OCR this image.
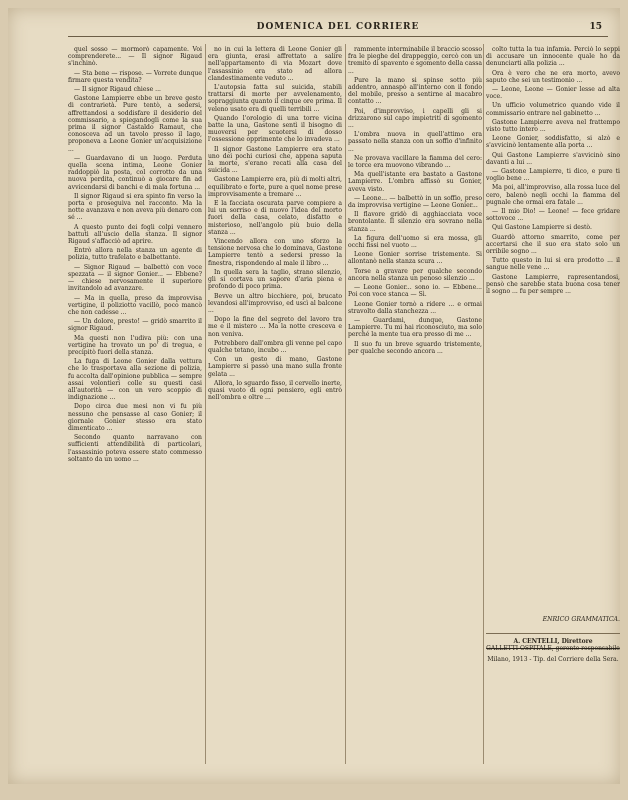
DOMENICA DEL CORRIERE	15

quel sosso — mormorò capamente. Voi comprenderete... — Il signor Rigaud s'inchinò.

— Sta bene — rispose. — Vorrete dunque firmare questa vendita?

— Il signor Rigaud chiese ...

Gastone Lampierre ebbe un breve gesto di contrarietà. Pure tentò, a sedersi, affrettandosi a soddisfare il desiderio del commissario, a spiegandogli come la sua prima il signor Castaldo Ramaut, che conosceva ad un tavolo presso il lago, proponeva a Leone Gonier un'acquisizione ...

— Guardavano di un luogo. Perduta quella scena intima, Leone Gonier raddoppiò la posta, col corrotto da una nuova perdita, continuò a giocare fin ad avvicendarsi di banchi e di mala fortuna ...

Il signor Rigaud si era spinto fin verso la porta e proseguiva nel racconto. Ma la notte avanzava e non aveva più denaro con sé ...

A questo punto dei fogli colpi vennero battuti all'uscio della stanza. Il signor Rigaud s'affacciò ad aprire.

Entrò allora nella stanza un agente di polizia, tutto trafelato e balbettante.

— Signor Rigaud — balbettò con voce spezzata — il signor Gonier... — Ebbene? — chiese nervosamente il superiore invitandolo ad avanzare.

— Ma in quella, preso da improvvisa vertigine, il poliziotto vacillò, poco mancò che non cadesse ...

— Un dolore, presto! — gridò smarrito il signor Rigaud.

Ma questi non l'udiva più: con una vertigine ha trovato un po' di tregua, e precipitò fuori della stanza.

La fuga di Leone Gonier dalla vettura che lo trasportava alla sezione di polizia, fu accolta dall'opinione pubblica — sempre assai volontieri colle su questi casi all'autorità — con un vero scoppio di indignazione ...

Dopo circa due mesi non vi fu più nessuno che pensasse al caso Gonier; il giornale Gonier stesso era stato dimenticato ...

Secondo quanto narravano con sufficienti attendibilità di particolari, l'assassinio poteva essere stato commesso soltanto da un uomo ...

no in cui la lettera di Leone Gonier gli era giunta, erasi affrettato a salire nell'appartamento di via Mozart dove l'assassinio era stato ad allora clandestinamente veduto ...

L'autopsia fatta sul suicida, stabili trattarsi di morte per avvelenamento, sopraggiunta quanto il cinque ore prima. Il veleno usato era di quelli terribili ...

Quando l'orologio di una torre vicina batte la una, Gastone sentì il bisogno di muoversi per scuotersi di dosso l'ossessione opprimente che lo invadeva ...

Il signor Gastone Lampierre era stato uno dei pochi curiosi che, appena saputa la morte, s'erano recati alla casa del suicida ...

Gastone Lampierre era, più di molti altri, equilibrato e forte, pure a quel nome prese improvvisamente a tremare ...

E la facciata oscurata parve compiere a lui un sorriso e di nuovo l'idea del morto fuori della casa, celato, disfatto e misterioso, nell'angolo più buio della stanza ...

Vincendo allora con uno sforzo la tensione nervosa che lo dominava, Gastone Lampierre tentò a sedersi presso la finestra, rispondendo al male il libro ...

In quella sera la taglio, strano silenzio, gli si cortava un sapore d'aria piena e profondo di poco prima.

Bevve un altro bicchiere, poi, brucato levandosi all'improvviso, ed uscì al balcone ...

Dopo la fine del segreto del lavoro tra me e il mistero ... Ma la notte cresceva e non veniva.

Potrebbero dall'ombra gli venne pel capo qualche tetano, incubo ...

Con un gesto di mano, Gastone Lampierre si passò una mano sulla fronte gelata ...

Allora, lo sguardo fisso, il cervello inerte, quasi vuoto di ogni pensiero, egli entrò nell'ombra e oltre ...

rammente interminabile il braccio scosso fra le pieghe del drappeggio, cercò con un tremito di spavento e sgomento della cassa ...

Pure la mano si spinse sotto più addentro, annaspò all'interno con il fondo del mobile, presso a sentirne al macabro contatto ...

Poi, d'improvviso, i capelli gli si drizzarono sul capo impietriti di sgomento ...

L'ombra nuova in quell'attimo era passato nella stanza con un soffio d'infinito ...

Ne provava vacillare la fiamma del cero: le torce era muovono vibrando ...

Ma quell'istante era bastato a Gastone Lampierre. L'ombra affissò su Gonier, aveva visto.

— Leone... — balbettò in un soffio, preso da improvvisa vertigine — Leone Gonier...

Il flavore gridò di agghiacciata voce brontolante. Il silenzio era sovrano nella stanza ...

La figura dell'uomo si era mossa, gli occhi fissi nel vuoto ...

Leone Gonier sorrise tristemente. Si allontanò nella stanza scura ...

Torse a gravare per qualche secondo ancora nella stanza un penoso silenzio ...

— Leone Gonier... sono io. — Ebbene... Poi con voce stanca — Sì.

Leone Gonier tornò a ridere ... e ormai stravolto dalla stanchezza ...

— Guardami, dunque, Gastone Lampierre. Tu mi hai riconosciuto, ma solo perché la mente tua era presso di me ...

Il suo fu un breve sguardo tristemente, per qualche secondo ancora ...

colto tutta la tua infamia. Perciò lo seppi di accusare un innocente quale ho da denunciarti alla polizia ...

Ora è vero che ne era morto, avevo saputo che sei un testimonio ...

— Leone, Leone — Gonier lesse ad alta voce.

Un ufficio volumetrico quando vide il commissario entrare nel gabinetto ...

Gastone Lampierre aveva nel frattempo visto tutto intero ...

Leone Gonier, soddisfatto, si alzò e s'avvicinò lentamente alla porta ...

Qui Gastone Lampierre s'avvicinò sino davanti a lui ...

— Gastone Lampierre, ti dico, e pure ti voglio bene ...

Ma poi, all'improvviso, alla rossa luce del cero, balenò negli occhi la fiamma del pugnale che ormai era fatale ...

— Il mio Dio! — Leone! — fece gridare sottovoce ...

Qui Gastone Lampierre si destò.

Guardò attorno smarrito, come per accertarsi che il suo era stato solo un orribile sogno ...

Tutto questo in lui si era prodotto ... il sangue nelle vene ...

Gastone Lampierre, rapresentandosi, pensò che sarebbe stata buona cosa tener il sogno ... fu per sempre ...

ENRICO GRAMMATICA.
A. CENTELLI, Direttore
GALLETTI OSPITALE, gerente responsabile
Milano, 1913 - Tip. del Corriere della Sera.
